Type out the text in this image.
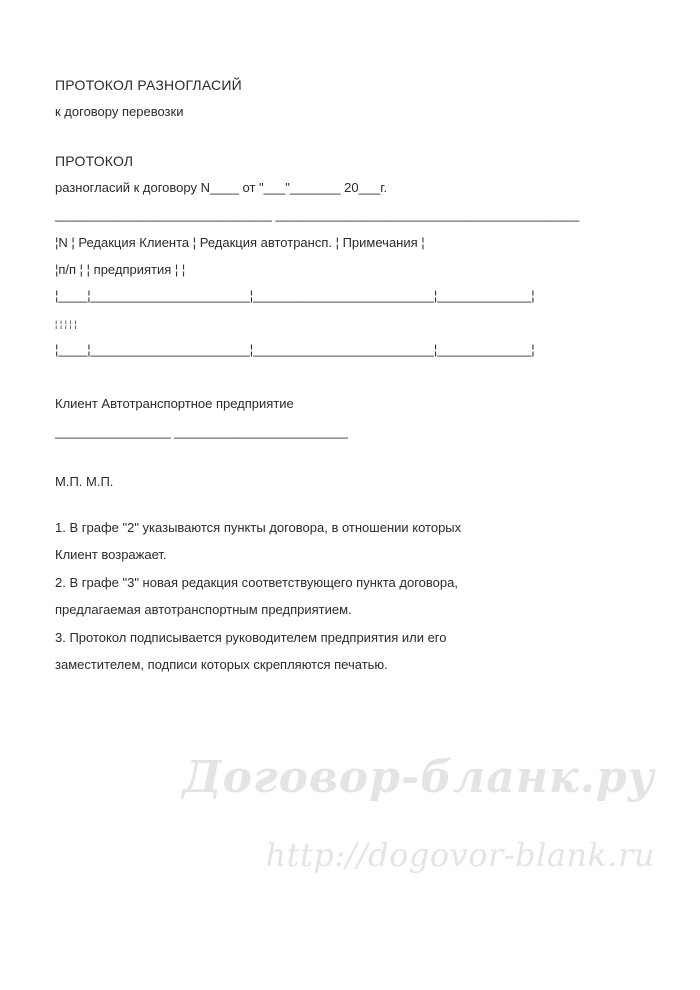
ПРОТОКОЛ РАЗНОГЛАСИЙ
к договору перевозки
ПРОТОКОЛ
разногласий к договору N____ от "___"_______ 20___г.
______________________________ __________________________________________
¦N ¦ Редакция Клиента ¦ Редакция автотрансп. ¦ Примечания ¦
¦п/п ¦ ¦ предприятия ¦ ¦
¦____¦______________________¦_________________________¦_____________¦
¦ ¦ ¦ ¦ ¦
¦____¦______________________¦_________________________¦_____________¦
Клиент Автотранспортное предприятие
________________ ________________________
М.П. М.П.
1. В графе "2" указываются пункты договора, в отношении которых
Клиент возражает.
2. В графе "3" новая редакция соответствующего пункта договора,
предлагаемая автотранспортным предприятием.
3. Протокол подписывается руководителем предприятия или его
заместителем, подписи которых скрепляются печатью.
Договор-бланк.ру
http://dogovor-blank.ru
